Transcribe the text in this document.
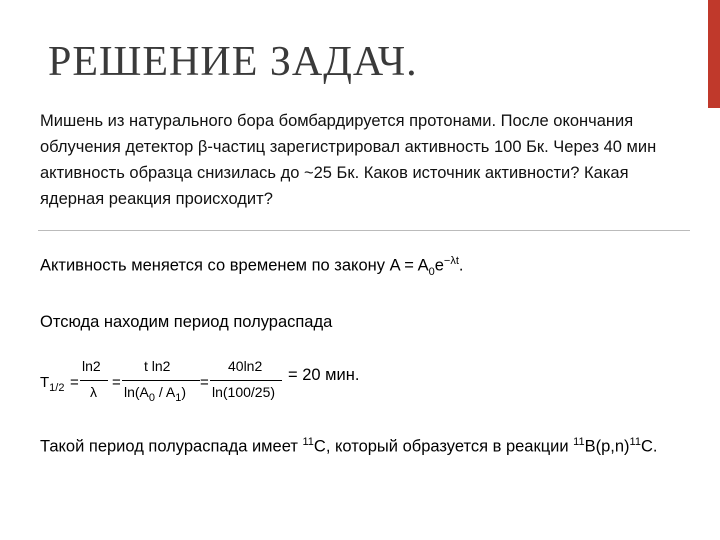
РЕШЕНИЕ ЗАДАЧ.

Мишень из натурального бора бомбардируется протонами. После окончания облучения детектор β-частиц зарегистрировал активность 100 Бк. Через 40 мин активность образца снизилась до ~25 Бк. Каков источник активности? Какая ядерная реакция происходит?

Активность меняется со временем по закону $A = A_0e^{-\lambda t}$.
Отсюда находим период полураспада
$T_{1/2}$ =
ln2
λ
=
t ln2
$\ln(A_0 / A_1)$
=
40ln2
ln(100/25)
= 20 мин.
Такой период полураспада имеет $^{11}$C, который образуется в реакции $^{11}B(p,n)^{11}C$.
